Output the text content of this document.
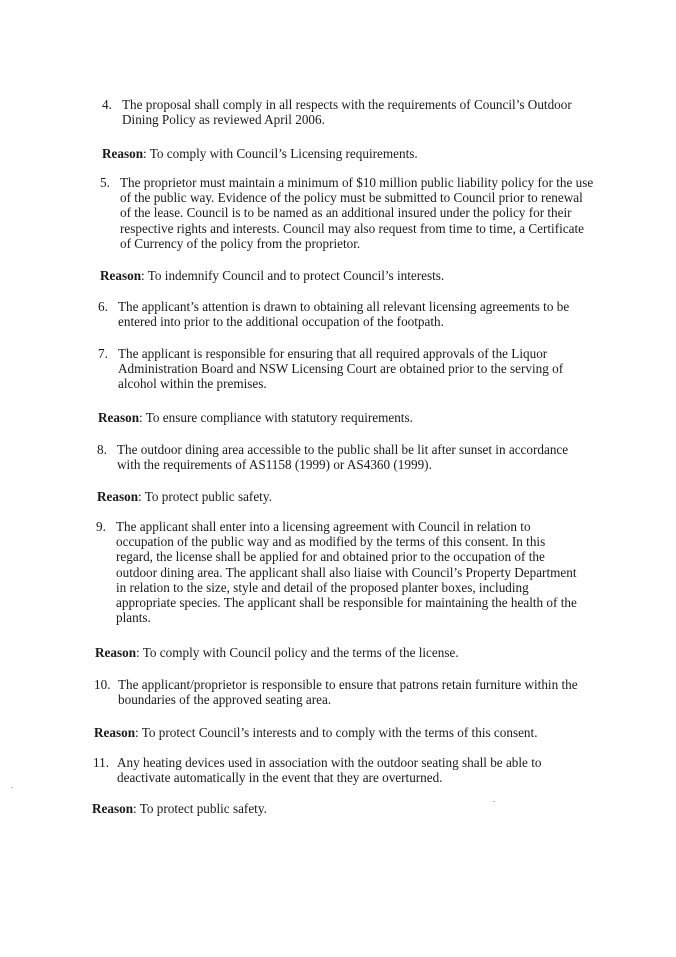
4. The proposal shall comply in all respects with the requirements of Council’s Outdoor Dining Policy as reviewed April 2006.
Reason: To comply with Council’s Licensing requirements.
5. The proprietor must maintain a minimum of $10 million public liability policy for the use of the public way. Evidence of the policy must be submitted to Council prior to renewal of the lease. Council is to be named as an additional insured under the policy for their respective rights and interests. Council may also request from time to time, a Certificate of Currency of the policy from the proprietor.
Reason: To indemnify Council and to protect Council’s interests.
6. The applicant’s attention is drawn to obtaining all relevant licensing agreements to be entered into prior to the additional occupation of the footpath.
7. The applicant is responsible for ensuring that all required approvals of the Liquor Administration Board and NSW Licensing Court are obtained prior to the serving of alcohol within the premises.
Reason: To ensure compliance with statutory requirements.
8. The outdoor dining area accessible to the public shall be lit after sunset in accordance with the requirements of AS1158 (1999) or AS4360 (1999).
Reason: To protect public safety.
9. The applicant shall enter into a licensing agreement with Council in relation to occupation of the public way and as modified by the terms of this consent. In this regard, the license shall be applied for and obtained prior to the occupation of the outdoor dining area. The applicant shall also liaise with Council’s Property Department in relation to the size, style and detail of the proposed planter boxes, including appropriate species. The applicant shall be responsible for maintaining the health of the plants.
Reason: To comply with Council policy and the terms of the license.
10. The applicant/proprietor is responsible to ensure that patrons retain furniture within the boundaries of the approved seating area.
Reason: To protect Council’s interests and to comply with the terms of this consent.
11. Any heating devices used in association with the outdoor seating shall be able to deactivate automatically in the event that they are overturned.
Reason: To protect public safety.
